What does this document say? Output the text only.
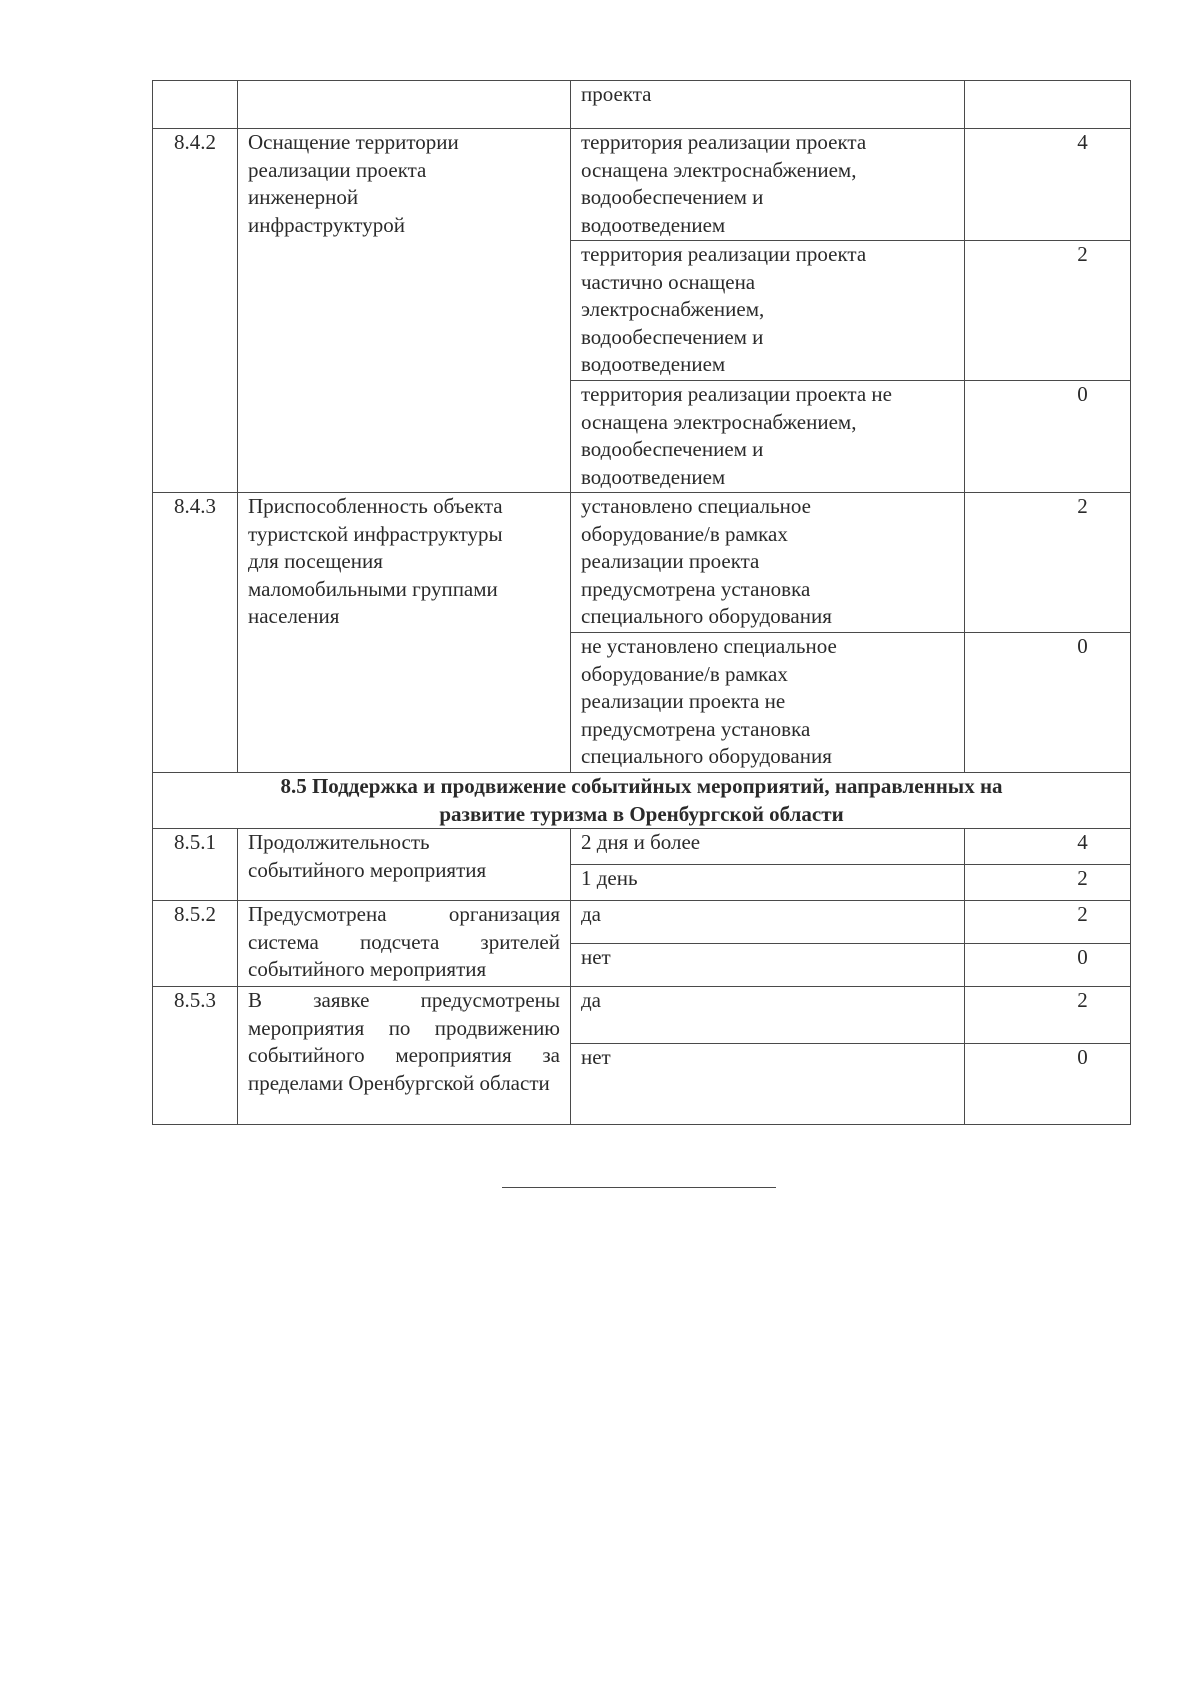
		проекта	
8.4.2	Оснащение территории
реализации проекта
инженерной
инфраструктурой	территория реализации проекта
оснащена электроснабжением,
водообеспечением и
водоотведением	4
		территория реализации проекта
частично оснащена
электроснабжением,
водообеспечением и
водоотведением	2
		территория реализации проекта не
оснащена электроснабжением,
водообеспечением и
водоотведением	0
8.4.3	Приспособленность объекта
туристской инфраструктуры
для посещения
маломобильными группами
населения	установлено специальное
оборудование/в рамках
реализации проекта
предусмотрена установка
специального оборудования	2
		не установлено специальное
оборудование/в рамках
реализации проекта не
предусмотрена установка
специального оборудования	0
8.5 Поддержка и продвижение событийных мероприятий, направленных на
развитие туризма в Оренбургской области			
8.5.1	Продолжительность
событийного мероприятия	2 дня и более	4
		1 день	2
8.5.2	Предусмотрена организация система подсчета зрителей событийного мероприятия	да	2
		нет	0
8.5.3	В заявке предусмотрены мероприятия по продвижению событийного мероприятия за пределами Оренбургской области	да	2
		нет	0
